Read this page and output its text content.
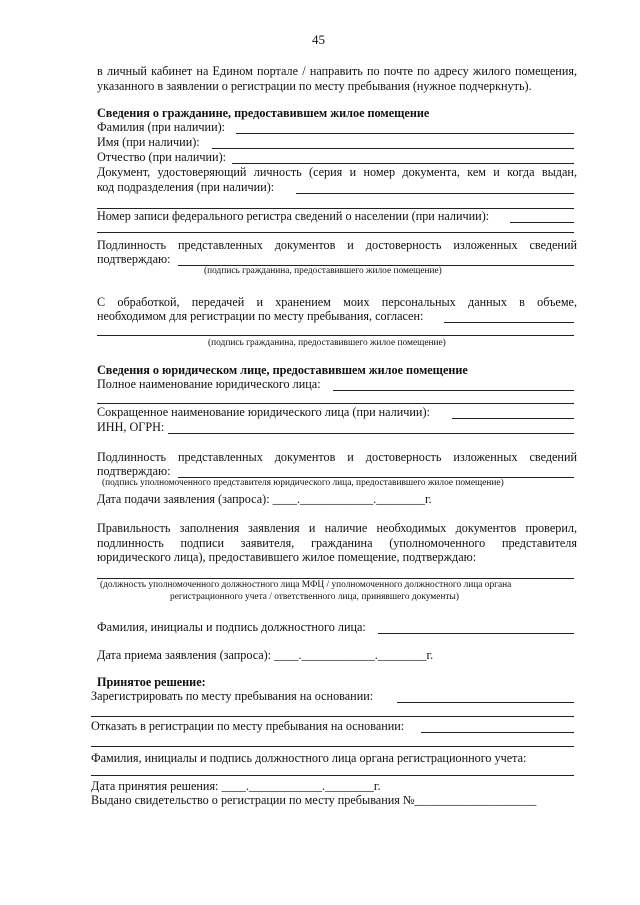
45
в личный кабинет на Едином портале / направить по почте по адресу жилого помещения,
указанного в заявлении о регистрации по месту пребывания (нужное подчеркнуть).
Сведения о гражданине, предоставившем жилое помещение
Фамилия (при наличии):
Имя (при наличии):
Отчество (при наличии):
Документ, удостоверяющий личность (серия и номер документа, кем и когда выдан,
код подразделения (при наличии):
Номер записи федерального регистра сведений о населении (при наличии):
Подлинность представленных документов и достоверность изложенных сведений
подтверждаю:
(подпись гражданина, предоставившего жилое помещение)
С обработкой, передачей и хранением моих персональных данных в объеме,
необходимом для регистрации по месту пребывания, согласен:
(подпись гражданина, предоставившего жилое помещение)
Сведения о юридическом лице, предоставившем жилое помещение
Полное наименование юридического лица:
Сокращенное наименование юридического лица (при наличии):
ИНН, ОГРН:
Подлинность представленных документов и достоверность изложенных сведений
подтверждаю:
(подпись уполномоченного представителя юридического лица, предоставившего жилое помещение)
Дата подачи заявления (запроса): ____.____________.________г.
Правильность заполнения заявления и наличие необходимых документов проверил,
подлинность подписи заявителя, гражданина (уполномоченного представителя
юридического лица), предоставившего жилое помещение, подтверждаю:
(должность уполномоченного должностного лица МФЦ / уполномоченного должностного лица органа
регистрационного учета / ответственного лица, принявшего документы)
Фамилия, инициалы и подпись должностного лица:
Дата приема заявления (запроса): ____.____________.________г.
Принятое решение:
Зарегистрировать по месту пребывания на основании:
Отказать в регистрации по месту пребывания на основании:
Фамилия, инициалы и подпись должностного лица органа регистрационного учета:
Дата принятия решения: ____.____________.________г.
Выдано свидетельство о регистрации по месту пребывания №____________________
